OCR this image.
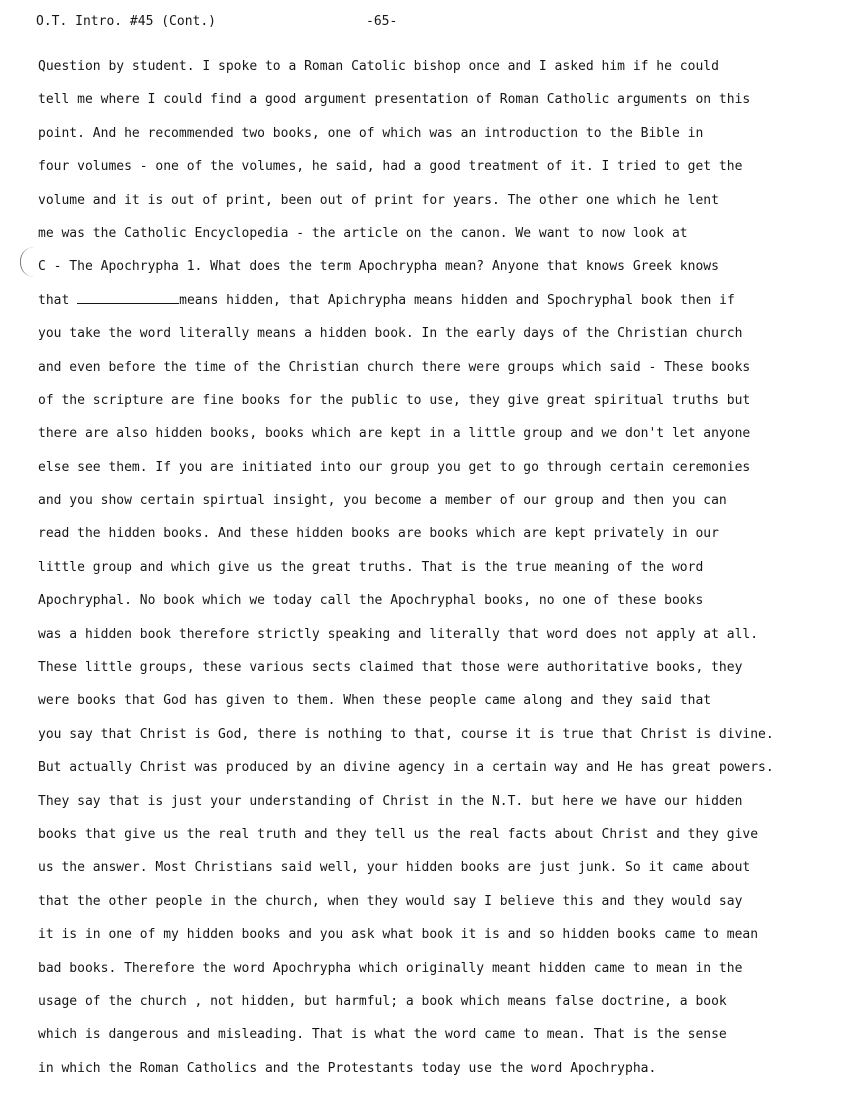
O.T. Intro. #45 (Cont.)	-65-
Question by student. I spoke to a Roman Catolic bishop once and I asked him if he could
tell me where I could find a good argument presentation of Roman Catholic arguments on this
point. And he recommended two books, one of which was an introduction to the Bible in
four volumes - one of the volumes, he said, had a good treatment of it. I tried to get the
volume and it is out of print, been out of print for years. The other one which he lent
me was the Catholic Encyclopedia - the article on the canon. We want to now look at
C - The Apochrypha 1. What does the term Apochrypha mean? Anyone that knows Greek knows
that	means hidden, that Apichrypha means hidden and Spochryphal book then if
you take the word literally means a hidden book. In the early days of the Christian church
and even before the time of the Christian church there were groups which said - These books
of the scripture are fine books for the public to use, they give great spiritual truths but
there are also hidden books, books which are kept in a little group and we don't let anyone
else see them. If you are initiated into our group you get to go through certain ceremonies
and you show certain spirtual insight, you become a member of our group and then you can
read the hidden books. And these hidden books are books which are kept privately in our
little group and which give us the great truths. That is the true meaning of the word
Apochryphal. No book which we today call the Apochryphal books, no one of these books
was a hidden book therefore strictly speaking and literally that word does not apply at all.
These little groups, these various sects claimed that those were authoritative books, they
were books that God has given to them. When these people came along and they said that
you say that Christ is God, there is nothing to that, course it is true that Christ is divine.
But actually Christ was produced by an divine agency in a certain way and He has great powers.
They say that is just your understanding of Christ in the N.T. but here we have our hidden
books that give us the real truth and they tell us the real facts about Christ and they give
us the answer. Most Christians said well, your hidden books are just junk. So it came about
that the other people in the church, when they would say I believe this and they would say
it is in one of my hidden books and you ask what book it is and so hidden books came to mean
bad books. Therefore the word Apochrypha which originally meant hidden came to mean in the
usage of the church , not hidden, but harmful; a book which means false doctrine, a book
which is dangerous and misleading. That is what the word came to mean. That is the sense
in which the Roman Catholics and the Protestants today use the word Apochrypha.
